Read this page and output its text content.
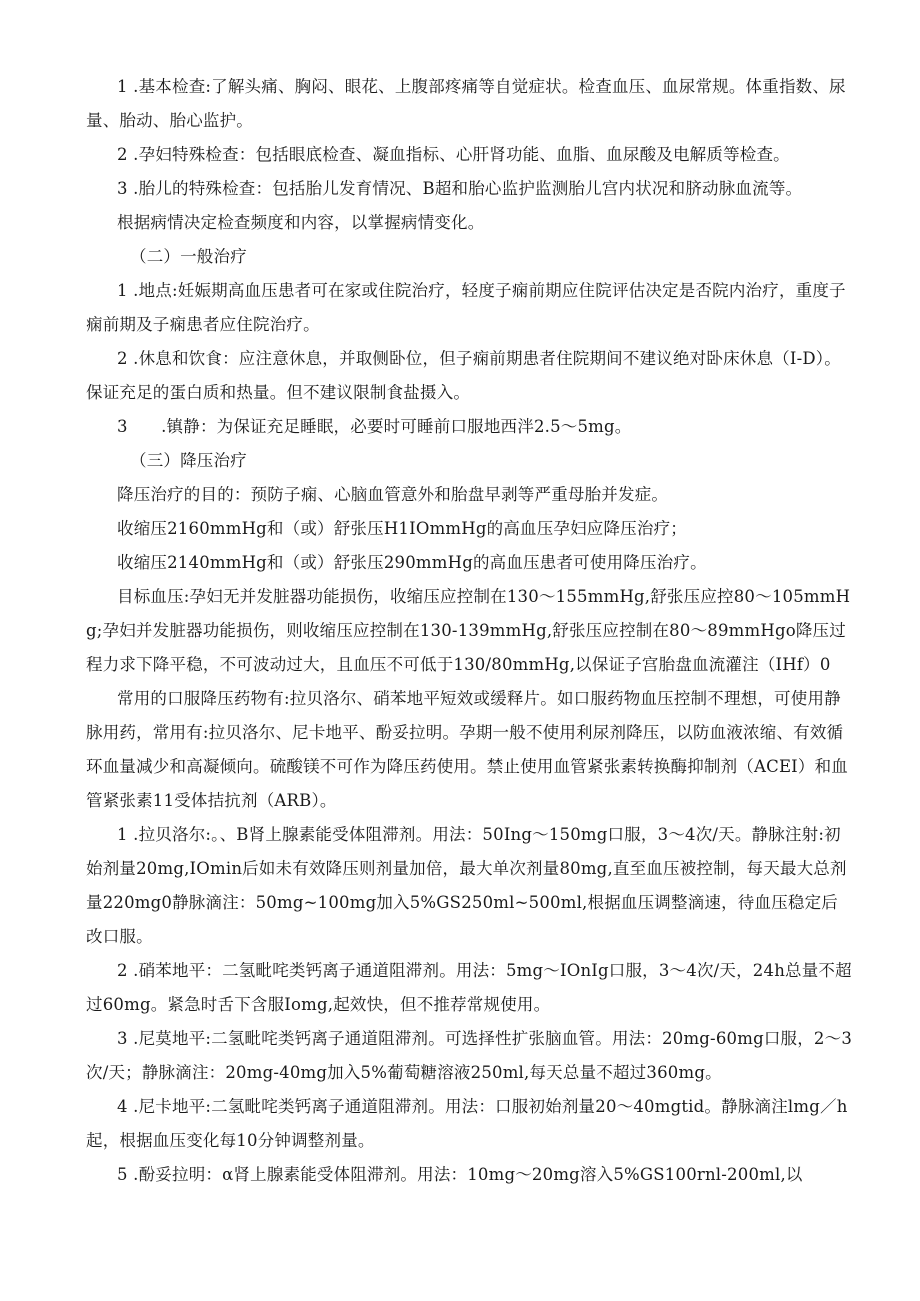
1 .基本检查:了解头痛、胸闷、眼花、上腹部疼痛等自觉症状。检查血压、血尿常规。体重指数、尿量、胎动、胎心监护。

2 .孕妇特殊检查：包括眼底检查、凝血指标、心肝肾功能、血脂、血尿酸及电解质等检查。

3 .胎儿的特殊检查：包括胎儿发育情况、B超和胎心监护监测胎儿宫内状况和脐动脉血流等。

根据病情决定检查频度和内容，以掌握病情变化。

（二）一般治疗

1 .地点:妊娠期高血压患者可在家或住院治疗，轻度子痫前期应住院评估决定是否院内治疗，重度子痫前期及子痫患者应住院治疗。

2 .休息和饮食：应注意休息，并取侧卧位，但子痫前期患者住院期间不建议绝对卧床休息（I-D）。保证充足的蛋白质和热量。但不建议限制食盐摄入。

3　　.镇静：为保证充足睡眠，必要时可睡前口服地西泮2.5～5mg。

（三）降压治疗

降压治疗的目的：预防子痫、心脑血管意外和胎盘早剥等严重母胎并发症。

收缩压2160mmHg和（或）舒张压H1IOmmHg的高血压孕妇应降压治疗；

收缩压2140mmHg和（或）舒张压290mmHg的高血压患者可使用降压治疗。

目标血压:孕妇无并发脏器功能损伤，收缩压应控制在130～155mmHg,舒张压应控80～105mmHg;孕妇并发脏器功能损伤，则收缩压应控制在130-139mmHg,舒张压应控制在80～89mmHgo降压过程力求下降平稳，不可波动过大，且血压不可低于130/80mmHg,以保证子宫胎盘血流灌注（IHf）0

常用的口服降压药物有:拉贝洛尔、硝苯地平短效或缓释片。如口服药物血压控制不理想，可使用静脉用药，常用有:拉贝洛尔、尼卡地平、酚妥拉明。孕期一般不使用利尿剂降压，以防血液浓缩、有效循环血量减少和高凝倾向。硫酸镁不可作为降压药使用。禁止使用血管紧张素转换酶抑制剂（ACEI）和血管紧张素11受体拮抗剂（ARB）。

1 .拉贝洛尔:。、B肾上腺素能受体阻滞剂。用法：50Ing～150mg口服，3～4次/天。静脉注射:初始剂量20mg,IOmin后如未有效降压则剂量加倍，最大单次剂量80mg,直至血压被控制，每天最大总剂量220mg0静脉滴注：50mg~100mg加入5%GS250ml~500ml,根据血压调整滴速，待血压稳定后改口服。

2 .硝苯地平：二氢毗咤类钙离子通道阻滞剂。用法：5mg～IOnIg口服，3～4次/天，24h总量不超过60mg。紧急时舌下含服Iomg,起效快，但不推荐常规使用。

3 .尼莫地平:二氢毗咤类钙离子通道阻滞剂。可选择性扩张脑血管。用法：20mg-60mg口服，2～3次/天；静脉滴注：20mg-40mg加入5%葡萄糖溶液250ml,每天总量不超过360mg。

4 .尼卡地平:二氢毗咤类钙离子通道阻滞剂。用法：口服初始剂量20～40mgtid。静脉滴注lmg／h起，根据血压变化每10分钟调整剂量。

5 .酚妥拉明：α肾上腺素能受体阻滞剂。用法：10mg～20mg溶入5%GS100rnl-200ml,以
